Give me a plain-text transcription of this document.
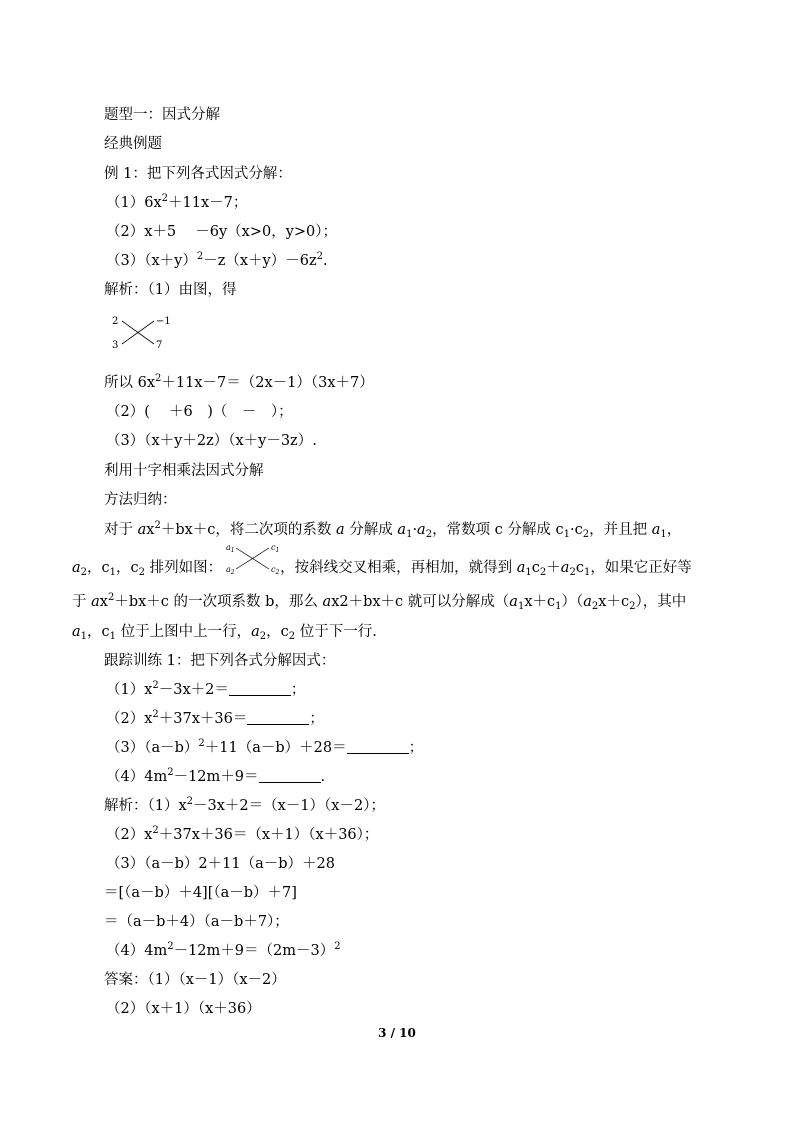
题型一：因式分解
经典例题
例 1：把下列各式因式分解：
$(1)6x^2+11x-7$；
（2）x＋5　 －6y（x>0，y>0）；
$(3)(x+y)^2-z(x+y)-6z^2$.
解析：（1）由图，得
2	−1
3	7
所以 $6x^2+11x-7=(2x-1)(3x+7)$
（2）(　 ＋6　)（　－　）；
（3）（x＋y＋2z）（x＋y－3z）.
利用十字相乘法因式分解
方法归纳：
对于 $ax^2+bx+c$，将二次项的系数 a 分解成 $a_1\cdot a_2$，常数项 c 分解成 $c_1\cdot c_2$，并且把 $a_1$，
$a_2$，$c_1$，$c_2$ 排列如图：	，按斜线交叉相乘，再相加，就得到 $a_1c_2+a_2c_1$，如果它正好等
$a_1$	$c_1$
$a_2$	$c_2$
于 $ax^2+bx+c$ 的一次项系数 b，那么 ax2＋bx＋c 就可以分解成$(a_1x+c_1)(a_2x+c_2)$，其中
$a_1$，$c_1$ 位于上图中上一行，$a_2$，$c_2$ 位于下一行.
跟踪训练 1：把下列各式分解因式：
$(1)x^2-3x+2=$	；
$(2)x^2+37x+36=$	；
$(3)(a-b)^2+11(a-b)+28=$	；
$(4)4m^2-12m+9=$	.
解析：$(1)x^2-3x+2=(x-1)(x-2)$；
$(2)x^2+37x+36=(x+1)(x+36)$；
（3）（a－b）2＋11（a－b）＋28
＝[（a－b）＋4][（a－b）＋7]
＝（a－b＋4）（a－b＋7）；
$(4)4m^2-12m+9=(2m-3)^2$
答案：（1）（x－1）（x－2）
（2）（x＋1）（x＋36）
3 / 10
